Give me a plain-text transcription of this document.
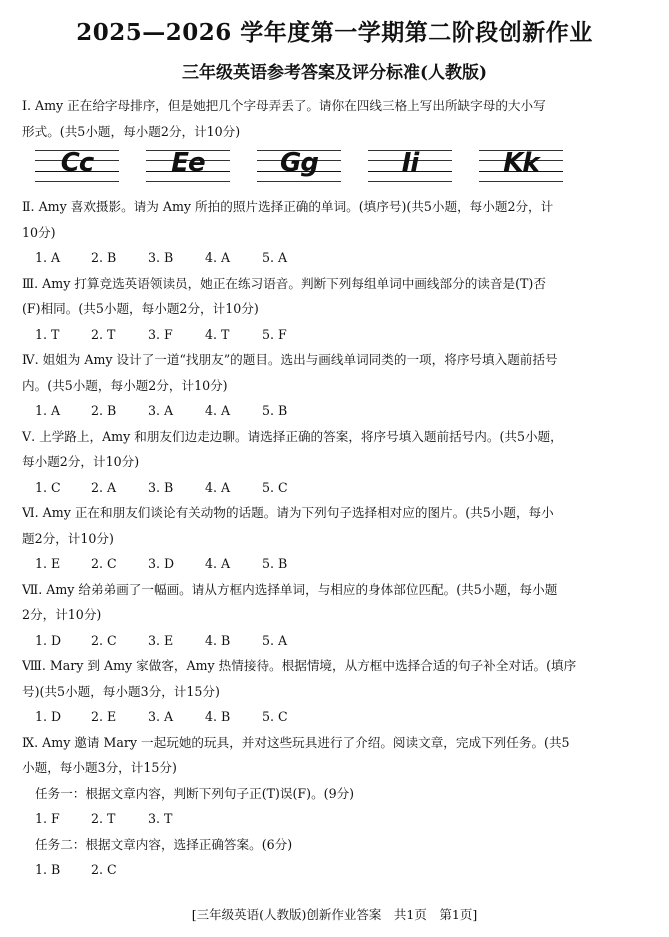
2025—2026 学年度第一学期第二阶段创新作业
三年级英语参考答案及评分标准(人教版)
Ⅰ. Amy 正在给字母排序，但是她把几个字母弄丢了。请你在四线三格上写出所缺字母的大小写
形式。(共5小题，每小题2分，计10分)
Cc	Ee	Gg	Ii	Kk
Ⅱ. Amy 喜欢摄影。请为 Amy 所拍的照片选择正确的单词。(填序号)(共5小题，每小题2分，计
10分)
1. A 2. B	3. B	4. A	5. A
Ⅲ. Amy 打算竞选英语领读员，她正在练习语音。判断下列每组单词中画线部分的读音是(T)否
(F)相同。(共5小题，每小题2分，计10分)
1. T	2. T	3. F	4. T	5. F
Ⅳ. 姐姐为 Amy 设计了一道“找朋友”的题目。选出与画线单词同类的一项，将序号填入题前括号
内。(共5小题，每小题2分，计10分)
1. A 2. B	3. A	4. A	5. B
Ⅴ. 上学路上，Amy 和朋友们边走边聊。请选择正确的答案，将序号填入题前括号内。(共5小题，
每小题2分，计10分)
1. C 2. A	3. B	4. A	5. C
Ⅵ. Amy 正在和朋友们谈论有关动物的话题。请为下列句子选择相对应的图片。(共5小题，每小
题2分，计10分)
1. E 2. C 3. D 4. A	5. B
Ⅶ. Amy 给弟弟画了一幅画。请从方框内选择单词，与相应的身体部位匹配。(共5小题，每小题
2分，计10分)
1. D 2. C 3. E	4. B	5. A
Ⅷ. Mary 到 Amy 家做客，Amy 热情接待。根据情境，从方框中选择合适的句子补全对话。(填序
号)(共5小题，每小题3分，计15分)
1. D 2. E	3. A	4. B	5. C
Ⅸ. Amy 邀请 Mary 一起玩她的玩具，并对这些玩具进行了介绍。阅读文章，完成下列任务。(共5
小题，每小题3分，计15分)
任务一：根据文章内容，判断下列句子正(T)误(F)。(9分)
1. F 2. T	3. T
任务二：根据文章内容，选择正确答案。(6分)
1. B 2. C
[三年级英语(人教版)创新作业答案　共1页　第1页]
